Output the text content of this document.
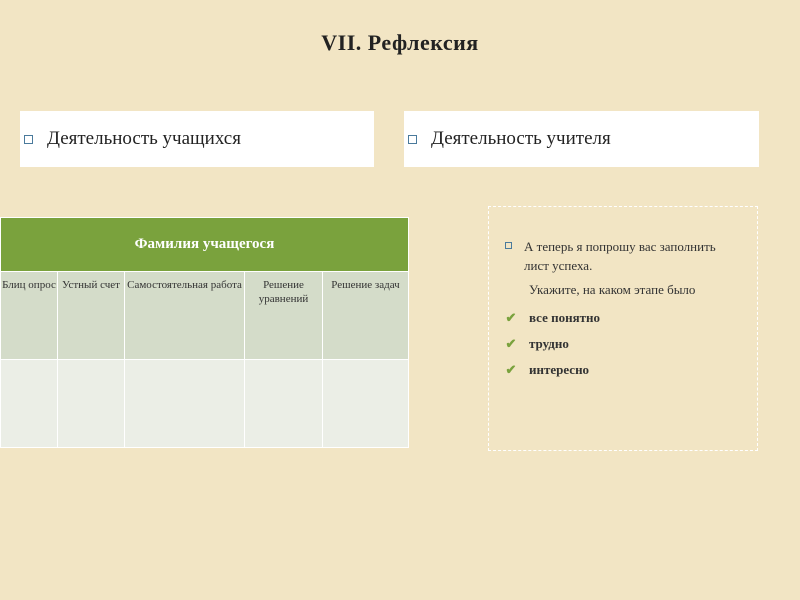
VII. Рефлексия
Деятельность учащихся	Деятельность учителя
Фамилия учащегося				
Блиц опрос	Устный счет	Самостоятельная работа	Решение уравнений	Решение задач

А теперь я попрошу вас заполнить лист успеха.
Укажите, на каком этапе было
✔ все понятно
✔ трудно
✔ интересно
